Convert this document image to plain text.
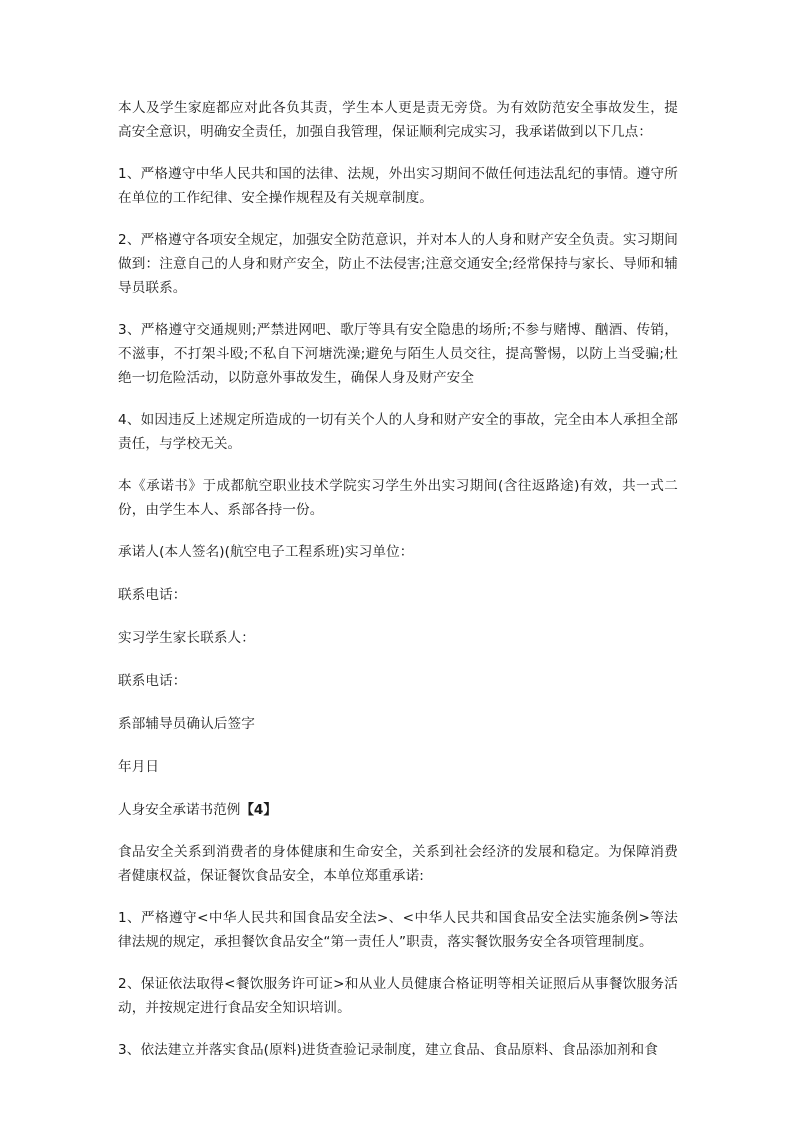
本人及学生家庭都应对此各负其责，学生本人更是责无旁贷。为有效防范安全事故发生，提高安全意识，明确安全责任，加强自我管理，保证顺利完成实习，我承诺做到以下几点：

1、严格遵守中华人民共和国的法律、法规，外出实习期间不做任何违法乱纪的事情。遵守所在单位的工作纪律、安全操作规程及有关规章制度。

2、严格遵守各项安全规定，加强安全防范意识，并对本人的人身和财产安全负责。实习期间做到：注意自己的人身和财产安全，防止不法侵害;注意交通安全;经常保持与家长、导师和辅导员联系。

3、严格遵守交通规则;严禁进网吧、歌厅等具有安全隐患的场所;不参与赌博、酗酒、传销，不滋事，不打架斗殴;不私自下河塘洗澡;避免与陌生人员交往，提高警惕，以防上当受骗;杜绝一切危险活动，以防意外事故发生，确保人身及财产安全

4、如因违反上述规定所造成的一切有关个人的人身和财产安全的事故，完全由本人承担全部责任，与学校无关。

本《承诺书》于成都航空职业技术学院实习学生外出实习期间(含往返路途)有效，共一式二份，由学生本人、系部各持一份。

承诺人(本人签名)(航空电子工程系班)实习单位：

联系电话：

实习学生家长联系人：

联系电话：

系部辅导员确认后签字

年月日

人身安全承诺书范例【4】

食品安全关系到消费者的身体健康和生命安全，关系到社会经济的发展和稳定。为保障消费者健康权益，保证餐饮食品安全，本单位郑重承诺:

1、严格遵守<中华人民共和国食品安全法>、<中华人民共和国食品安全法实施条例>等法律法规的规定，承担餐饮食品安全“第一责任人”职责，落实餐饮服务安全各项管理制度。

2、保证依法取得<餐饮服务许可证>和从业人员健康合格证明等相关证照后从事餐饮服务活动，并按规定进行食品安全知识培训。

3、依法建立并落实食品(原料)进货查验记录制度，建立食品、食品原料、食品添加剂和食
